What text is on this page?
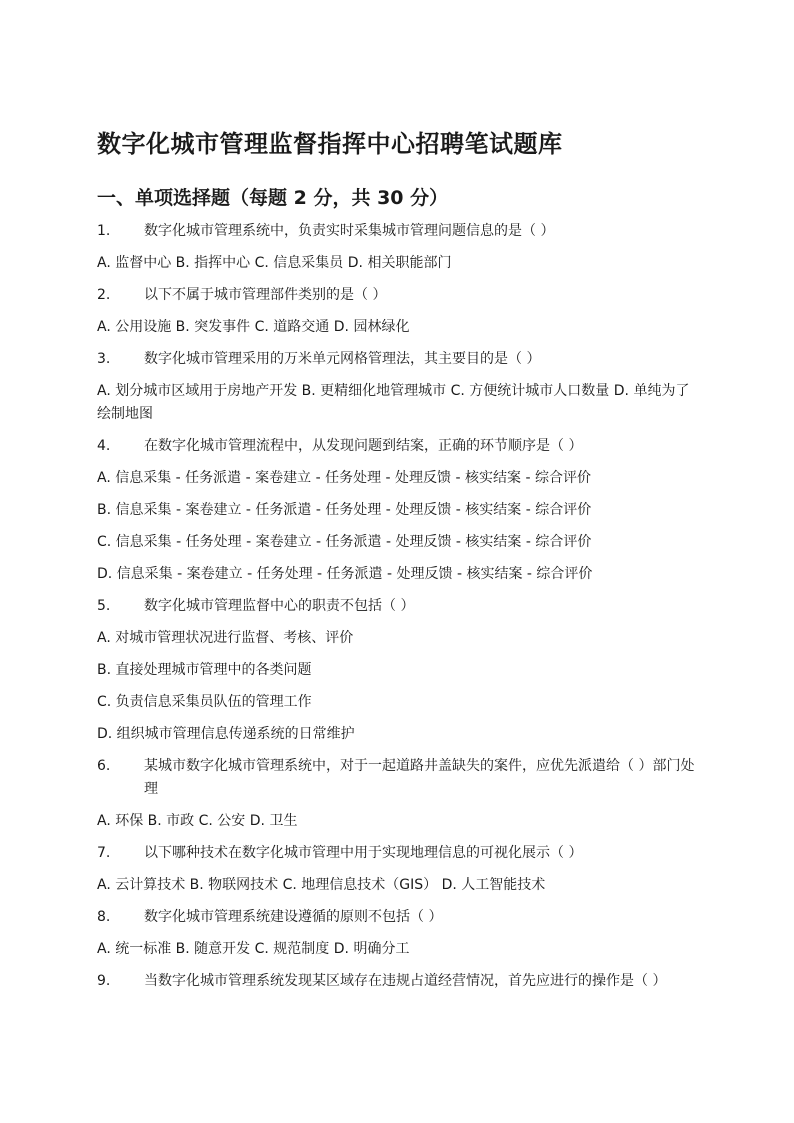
数字化城市管理监督指挥中心招聘笔试题库
一、单项选择题（每题 2 分，共 30 分）
1.	数字化城市管理系统中，负责实时采集城市管理问题信息的是（ ）
A. 监督中心 B. 指挥中心 C. 信息采集员 D. 相关职能部门
2.	以下不属于城市管理部件类别的是（ ）
A. 公用设施 B. 突发事件 C. 道路交通 D. 园林绿化
3.	数字化城市管理采用的万米单元网格管理法，其主要目的是（ ）
A. 划分城市区域用于房地产开发 B. 更精细化地管理城市 C. 方便统计城市人口数量 D. 单纯为了绘制地图
4.	在数字化城市管理流程中，从发现问题到结案，正确的环节顺序是（ ）
A. 信息采集 - 任务派遣 - 案卷建立 - 任务处理 - 处理反馈 - 核实结案 - 综合评价
B. 信息采集 - 案卷建立 - 任务派遣 - 任务处理 - 处理反馈 - 核实结案 - 综合评价
C. 信息采集 - 任务处理 - 案卷建立 - 任务派遣 - 处理反馈 - 核实结案 - 综合评价
D. 信息采集 - 案卷建立 - 任务处理 - 任务派遣 - 处理反馈 - 核实结案 - 综合评价
5.	数字化城市管理监督中心的职责不包括（ ）
A. 对城市管理状况进行监督、考核、评价
B. 直接处理城市管理中的各类问题
C. 负责信息采集员队伍的管理工作
D. 组织城市管理信息传递系统的日常维护
6.	某城市数字化城市管理系统中，对于一起道路井盖缺失的案件，应优先派遣给（ ）部门处理
A. 环保 B. 市政 C. 公安 D. 卫生
7.	以下哪种技术在数字化城市管理中用于实现地理信息的可视化展示（ ）
A. 云计算技术 B. 物联网技术 C. 地理信息技术（GIS） D. 人工智能技术
8.	数字化城市管理系统建设遵循的原则不包括（ ）
A. 统一标准 B. 随意开发 C. 规范制度 D. 明确分工
9.	当数字化城市管理系统发现某区域存在违规占道经营情况，首先应进行的操作是（ ）
